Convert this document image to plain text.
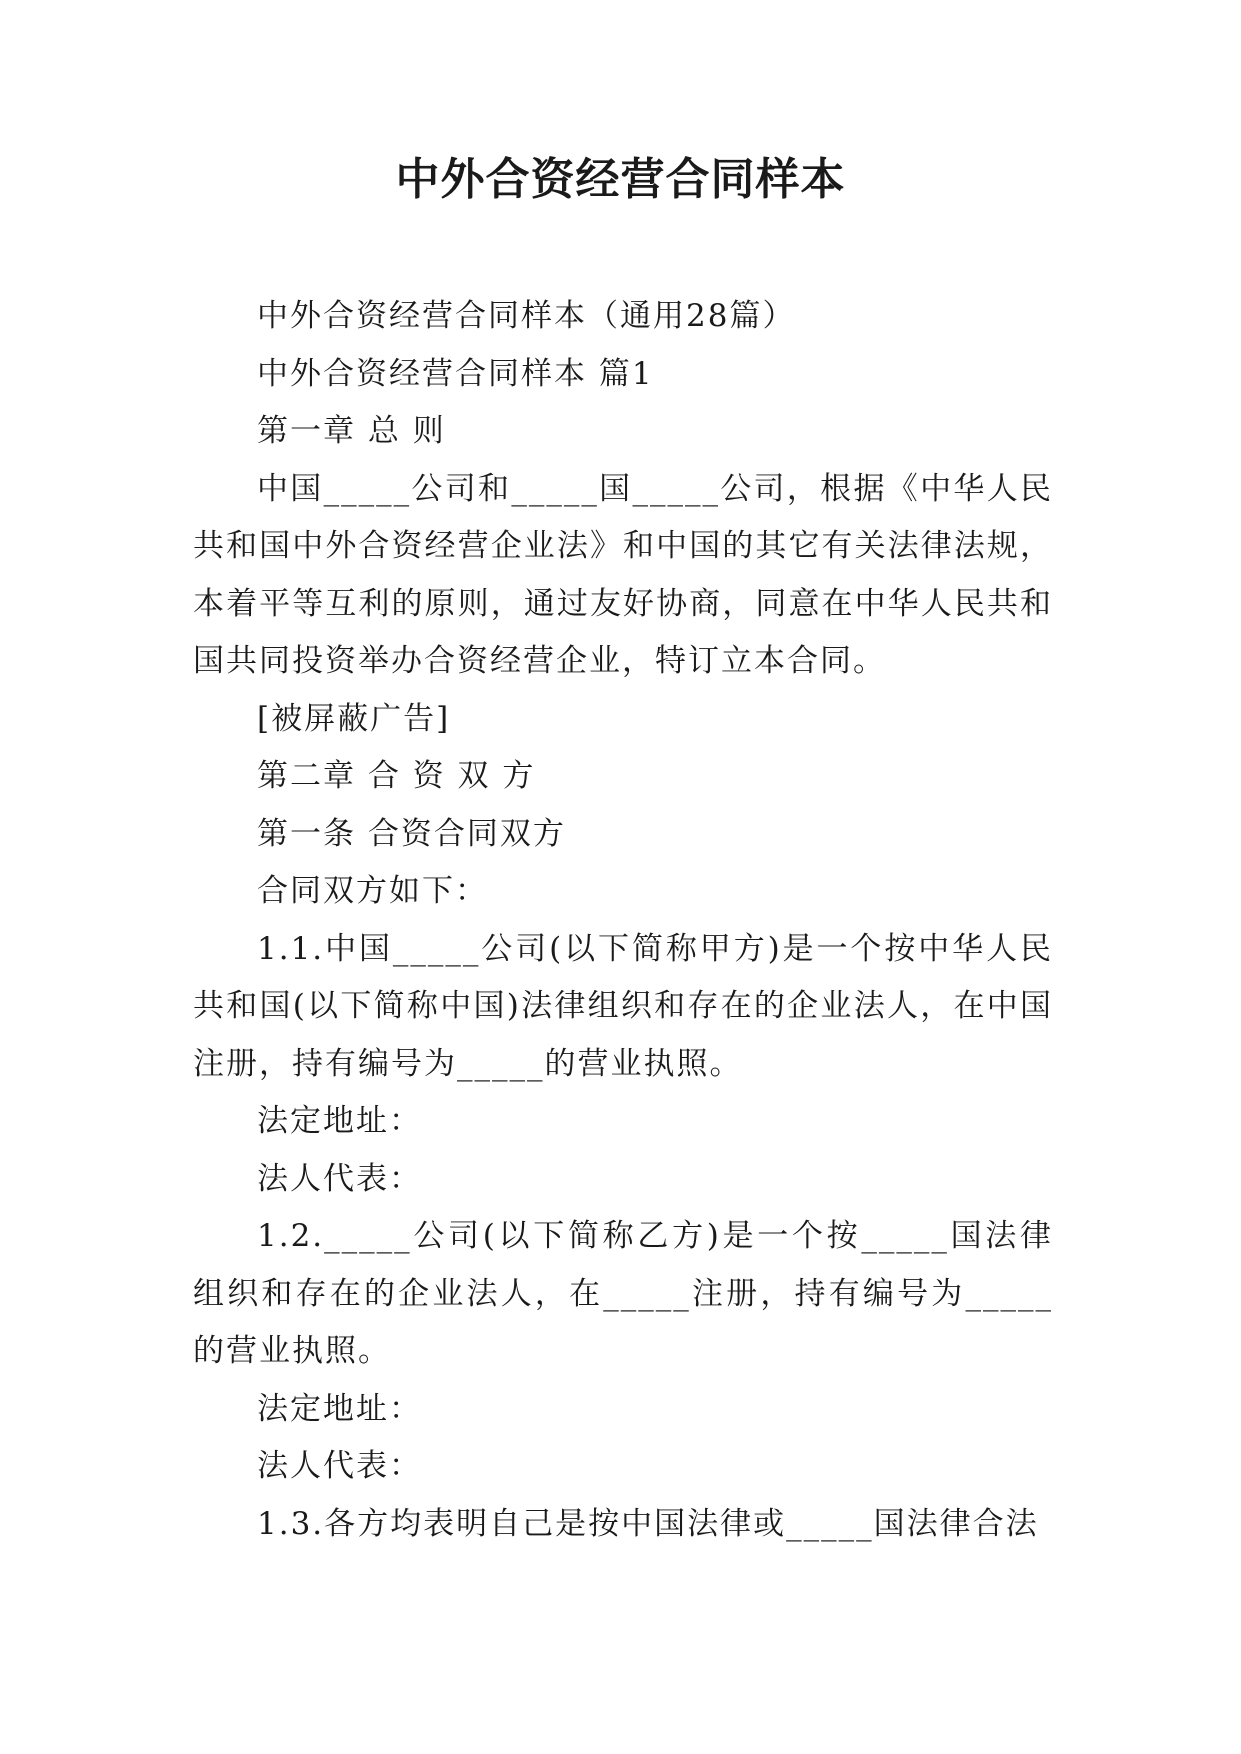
中外合资经营合同样本

中外合资经营合同样本（通用28篇）

中外合资经营合同样本 篇1

第一章 总 则

中国_____公司和_____国_____公司，根据《中华人民共和国中外合资经营企业法》和中国的其它有关法律法规，本着平等互利的原则，通过友好协商，同意在中华人民共和国共同投资举办合资经营企业，特订立本合同。

[被屏蔽广告]

第二章 合 资 双 方

第一条 合资合同双方

合同双方如下：

1.1.中国_____公司(以下简称甲方)是一个按中华人民共和国(以下简称中国)法律组织和存在的企业法人，在中国注册，持有编号为_____的营业执照。

法定地址：

法人代表：

1.2._____公司(以下简称乙方)是一个按_____国法律组织和存在的企业法人，在_____注册，持有编号为_____的营业执照。

法定地址：

法人代表：

1.3.各方均表明自己是按中国法律或_____国法律合法
